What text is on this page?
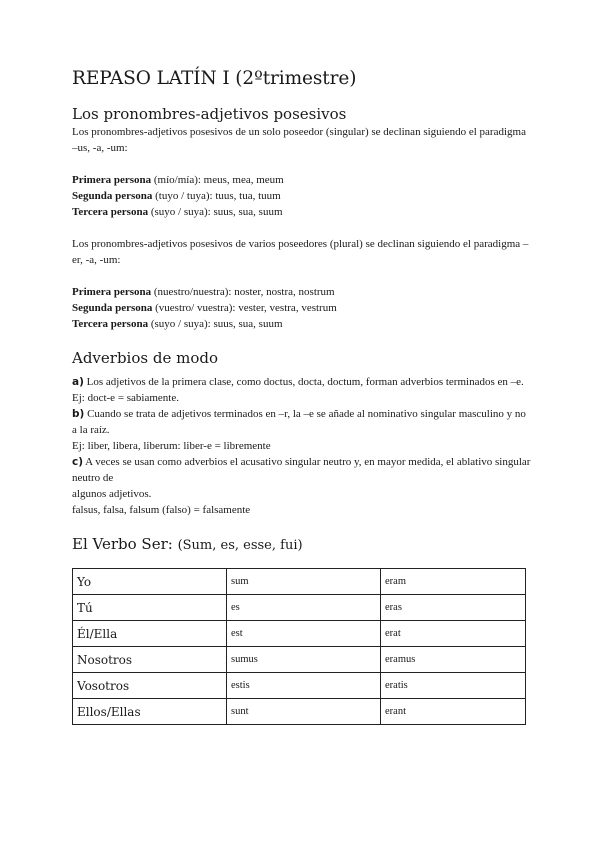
REPASO LATÍN I (2ºtrimestre)
Los pronombres-adjetivos posesivos

Los pronombres-adjetivos posesivos de un solo poseedor (singular) se declinan siguiendo el paradigma –us, -a, -um:

Primera persona (mío/mía): meus, mea, meum

Segunda persona (tuyo / tuya): tuus, tua, tuum

Tercera persona (suyo / suya): suus, sua, suum

Los pronombres-adjetivos posesivos de varios poseedores (plural) se declinan siguiendo el paradigma –er, -a, -um:

Primera persona (nuestro/nuestra): noster, nostra, nostrum

Segunda persona (vuestro/ vuestra): vester, vestra, vestrum

Tercera persona (suyo / suya): suus, sua, suum

Adverbios de modo

a) Los adjetivos de la primera clase, como doctus, docta, doctum, forman adverbios terminados en –e.

Ej: doct-e = sabiamente.

b) Cuando se trata de adjetivos terminados en –r, la –e se añade al nominativo singular masculino y no a la raíz.

Ej: liber, libera, liberum: liber-e = libremente

c) A veces se usan como adverbios el acusativo singular neutro y, en mayor medida, el ablativo singular neutro de

algunos adjetivos.

falsus, falsa, falsum (falso) = falsamente

El Verbo Ser: (Sum, es, esse, fui)
Yo	sum	eram
Tú	es	eras
Él/Ella	est	erat
Nosotros	sumus	eramus
Vosotros	estis	eratis
Ellos/Ellas	sunt	erant
